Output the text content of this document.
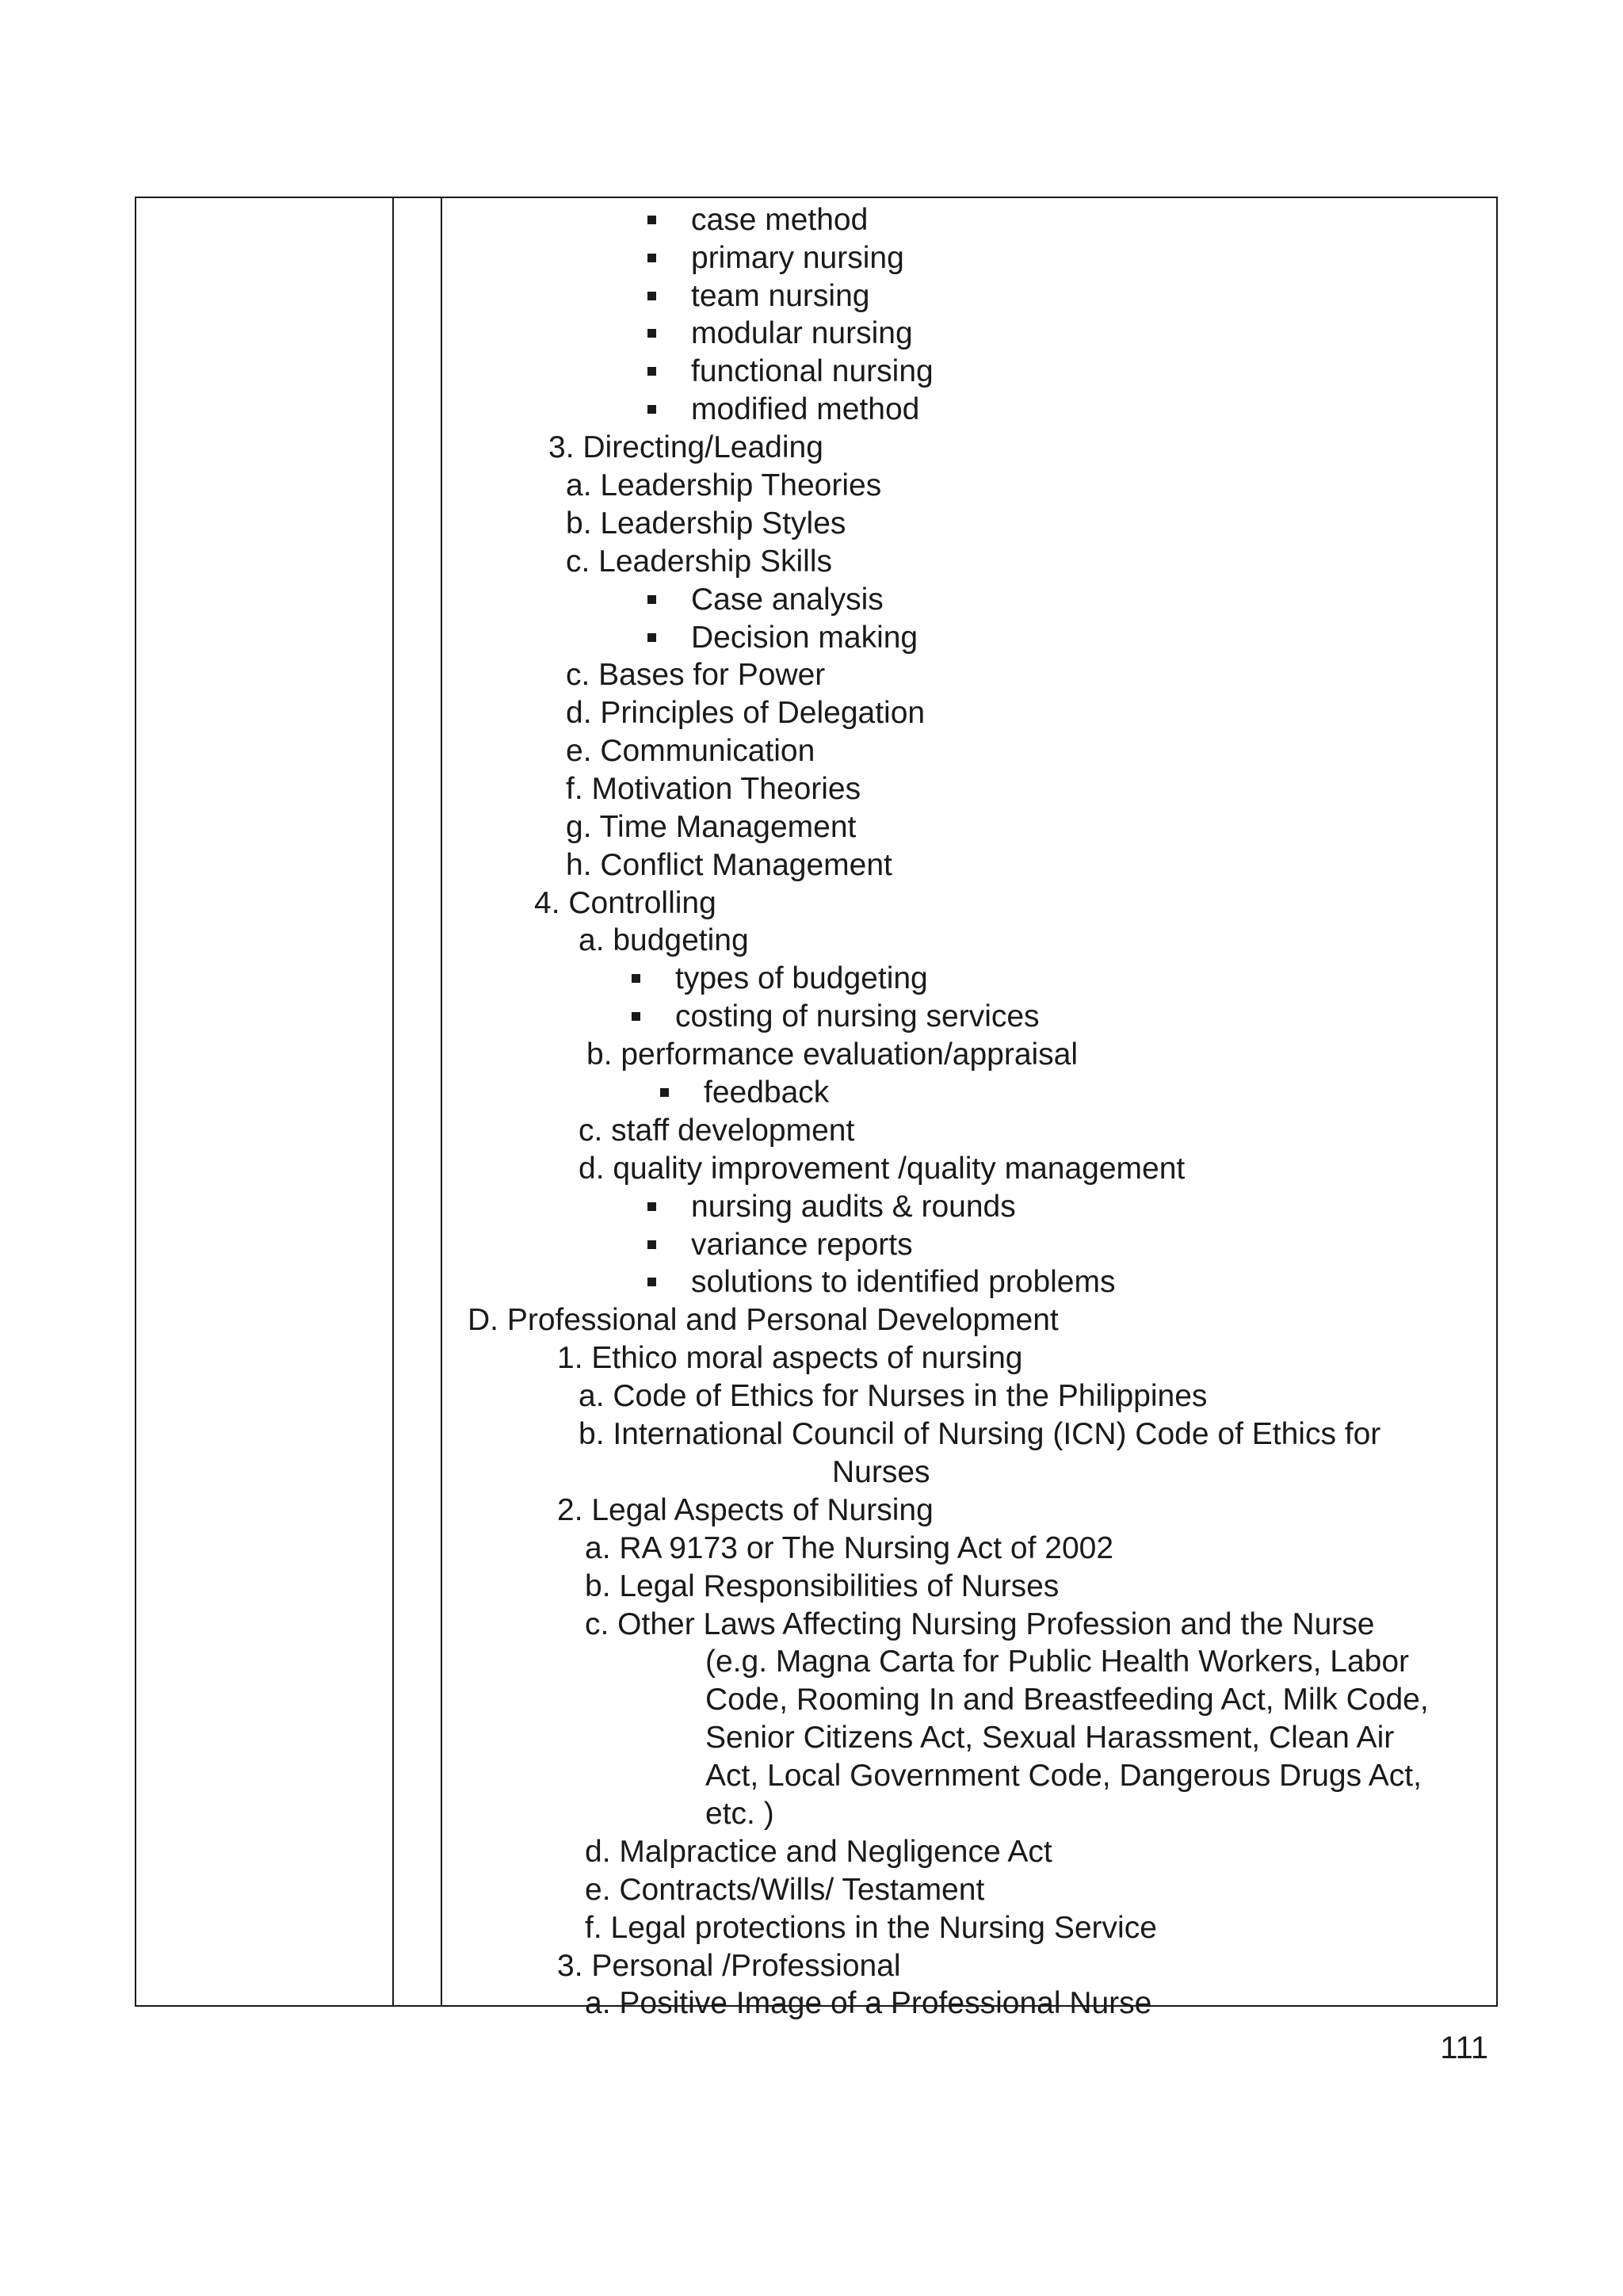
case method
primary nursing
team nursing
modular nursing
functional nursing
modified method
3. Directing/Leading
a. Leadership Theories
b. Leadership Styles
c. Leadership Skills
Case analysis
Decision making
c. Bases for Power
d. Principles of Delegation
e. Communication
f. Motivation Theories
g. Time Management
h. Conflict Management
4. Controlling
a. budgeting
types of budgeting
costing of nursing services
b. performance evaluation/appraisal
feedback
c. staff development
d. quality improvement /quality management
nursing audits & rounds
variance reports
solutions to identified problems
D. Professional and Personal Development
1. Ethico moral aspects of nursing
a. Code of Ethics for Nurses in the Philippines
b. International Council of Nursing (ICN) Code of Ethics for
Nurses
2. Legal Aspects of Nursing
a. RA 9173 or The Nursing Act of 2002
b. Legal Responsibilities of Nurses
c. Other Laws Affecting Nursing Profession and the Nurse
(e.g. Magna Carta for Public Health Workers, Labor
Code, Rooming In and Breastfeeding Act, Milk Code,
Senior Citizens Act, Sexual Harassment, Clean Air
Act, Local Government Code, Dangerous Drugs Act,
etc. )
d. Malpractice and Negligence Act
e. Contracts/Wills/ Testament
f. Legal protections in the Nursing Service
3. Personal /Professional
a. Positive Image of a Professional Nurse
111
